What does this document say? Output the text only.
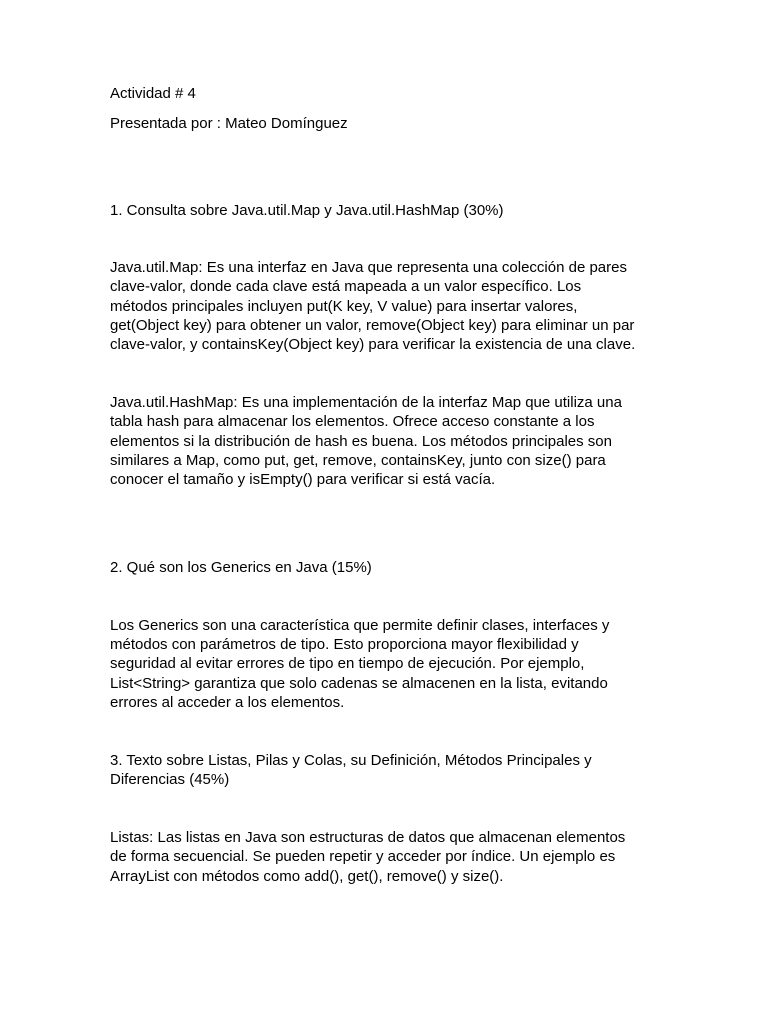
Actividad # 4

Presentada por : Mateo Domínguez

1. Consulta sobre Java.util.Map y Java.util.HashMap (30%)

Java.util.Map: Es una interfaz en Java que representa una colección de pares

clave-valor, donde cada clave está mapeada a un valor específico. Los

métodos principales incluyen put(K key, V value) para insertar valores,

get(Object key) para obtener un valor, remove(Object key) para eliminar un par

clave-valor, y containsKey(Object key) para verificar la existencia de una clave.

Java.util.HashMap: Es una implementación de la interfaz Map que utiliza una

tabla hash para almacenar los elementos. Ofrece acceso constante a los

elementos si la distribución de hash es buena. Los métodos principales son

similares a Map, como put, get, remove, containsKey, junto con size() para

conocer el tamaño y isEmpty() para verificar si está vacía.

2. Qué son los Generics en Java (15%)

Los Generics son una característica que permite definir clases, interfaces y

métodos con parámetros de tipo. Esto proporciona mayor flexibilidad y

seguridad al evitar errores de tipo en tiempo de ejecución. Por ejemplo,

List<String> garantiza que solo cadenas se almacenen en la lista, evitando

errores al acceder a los elementos.

3. Texto sobre Listas, Pilas y Colas, su Definición, Métodos Principales y

Diferencias (45%)

Listas: Las listas en Java son estructuras de datos que almacenan elementos

de forma secuencial. Se pueden repetir y acceder por índice. Un ejemplo es

ArrayList con métodos como add(), get(), remove() y size().
